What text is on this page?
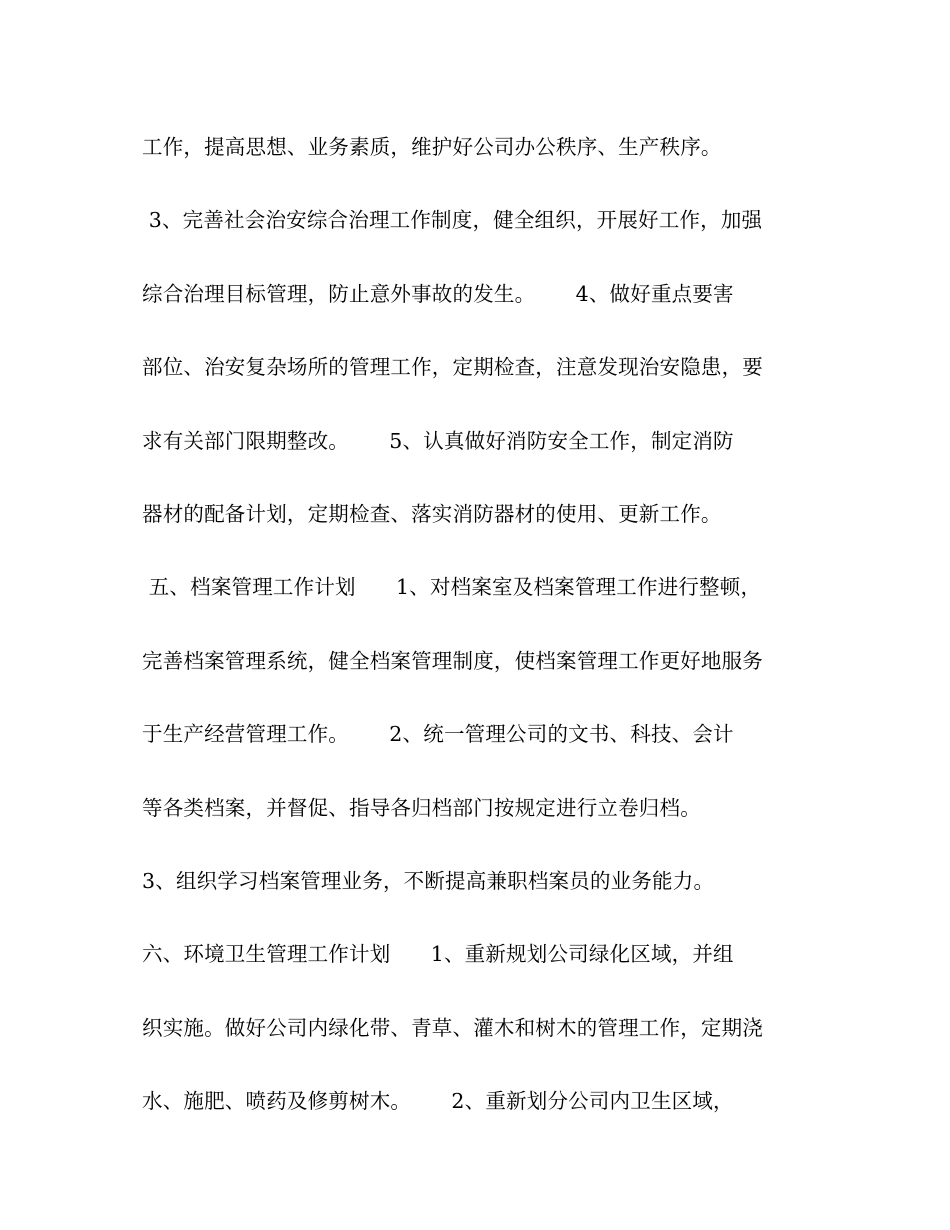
工作，提高思想、业务素质，维护好公司办公秩序、生产秩序。
3、完善社会治安综合治理工作制度，健全组织，开展好工作，加强
综合治理目标管理，防止意外事故的发生。      4、做好重点要害
部位、治安复杂场所的管理工作，定期检查，注意发现治安隐患，要
求有关部门限期整改。      5、认真做好消防安全工作，制定消防
器材的配备计划，定期检查、落实消防器材的使用、更新工作。
五、档案管理工作计划      1、对档案室及档案管理工作进行整顿，
完善档案管理系统，健全档案管理制度，使档案管理工作更好地服务
于生产经营管理工作。      2、统一管理公司的文书、科技、会计
等各类档案，并督促、指导各归档部门按规定进行立卷归档。
3、组织学习档案管理业务，不断提高兼职档案员的业务能力。
六、环境卫生管理工作计划      1、重新规划公司绿化区域，并组
织实施。做好公司内绿化带、青草、灌木和树木的管理工作，定期浇
水、施肥、喷药及修剪树木。      2、重新划分公司内卫生区域，
